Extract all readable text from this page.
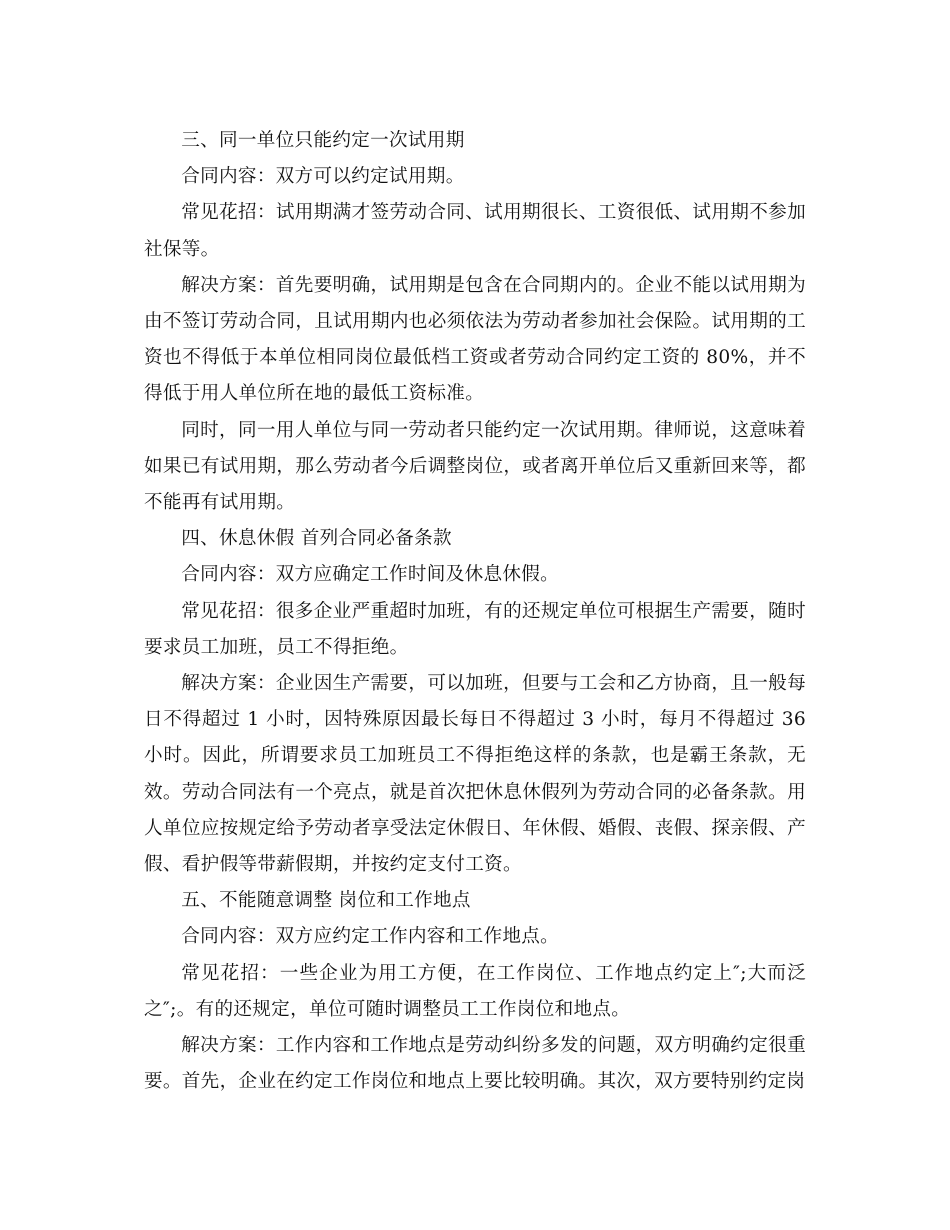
三、同一单位只能约定一次试用期

合同内容：双方可以约定试用期。

常见花招：试用期满才签劳动合同、试用期很长、工资很低、试用期不参加社保等。

解决方案：首先要明确，试用期是包含在合同期内的。企业不能以试用期为由不签订劳动合同，且试用期内也必须依法为劳动者参加社会保险。试用期的工资也不得低于本单位相同岗位最低档工资或者劳动合同约定工资的 80%，并不得低于用人单位所在地的最低工资标准。

同时，同一用人单位与同一劳动者只能约定一次试用期。律师说，这意味着如果已有试用期，那么劳动者今后调整岗位，或者离开单位后又重新回来等，都不能再有试用期。

四、休息休假 首列合同必备条款

合同内容：双方应确定工作时间及休息休假。

常见花招：很多企业严重超时加班，有的还规定单位可根据生产需要，随时要求员工加班，员工不得拒绝。

解决方案：企业因生产需要，可以加班，但要与工会和乙方协商，且一般每日不得超过 1 小时，因特殊原因最长每日不得超过 3 小时，每月不得超过 36 小时。因此，所谓要求员工加班员工不得拒绝这样的条款，也是霸王条款，无效。劳动合同法有一个亮点，就是首次把休息休假列为劳动合同的必备条款。用人单位应按规定给予劳动者享受法定休假日、年休假、婚假、丧假、探亲假、产假、看护假等带薪假期，并按约定支付工资。

五、不能随意调整 岗位和工作地点

合同内容：双方应约定工作内容和工作地点。

常见花招：一些企业为用工方便，在工作岗位、工作地点约定上″;大而泛之″;。有的还规定，单位可随时调整员工工作岗位和地点。

解决方案：工作内容和工作地点是劳动纠纷多发的问题，双方明确约定很重要。首先，企业在约定工作岗位和地点上要比较明确。其次，双方要特别约定岗
